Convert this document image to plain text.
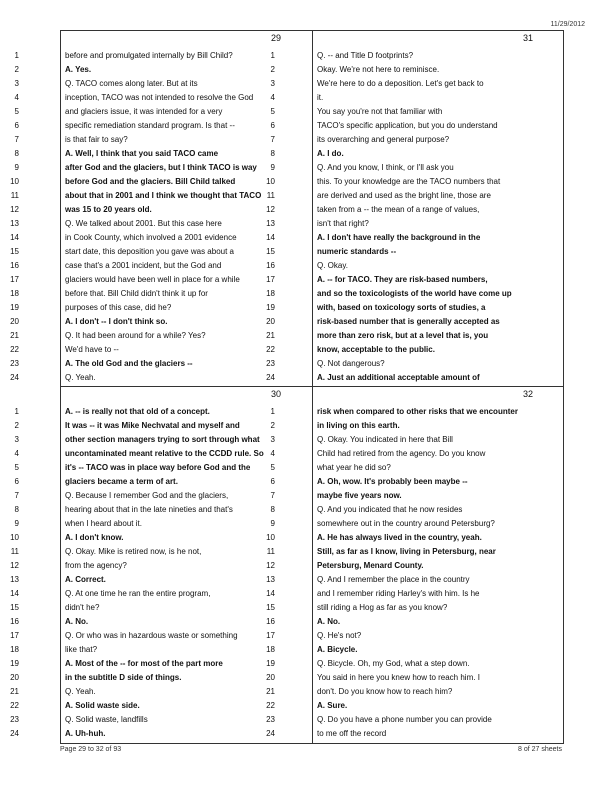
11/29/2012
29
1	before and promulgated internally by Bill Child?
2	A. Yes.
3	Q. TACO comes along later. But at its
4	inception, TACO was not intended to resolve the God
5	and glaciers issue, it was intended for a very
6	specific remediation standard program. Is that --
7	is that fair to say?
8	A. Well, I think that you said TACO came
9	after God and the glaciers, but I think TACO is way
10	before God and the glaciers. Bill Child talked
11	about that in 2001 and I think we thought that TACO
12	was 15 to 20 years old.
13	Q. We talked about 2001. But this case here
14	in Cook County, which involved a 2001 evidence
15	start date, this deposition you gave was about a
16	case that's a 2001 incident, but the God and
17	glaciers would have been well in place for a while
18	before that. Bill Child didn't think it up for
19	purposes of this case, did he?
20	A. I don't -- I don't think so.
21	Q. It had been around for a while? Yes?
22	We'd have to --
23	A. The old God and the glaciers --
24	Q. Yeah.
31
1	Q. -- and Title D footprints?
2	Okay. We're not here to reminisce.
3	We're here to do a deposition. Let's get back to
4	it.
5	You say you're not that familiar with
6	TACO's specific application, but you do understand
7	its overarching and general purpose?
8	A. I do.
9	Q. And you know, I think, or I'll ask you
10	this. To your knowledge are the TACO numbers that
11	are derived and used as the bright line, those are
12	taken from a -- the mean of a range of values,
13	isn't that right?
14	A. I don't have really the background in the
15	numeric standards --
16	Q. Okay.
17	A. -- for TACO. They are risk-based numbers,
18	and so the toxicologists of the world have come up
19	with, based on toxicology sorts of studies, a
20	risk-based number that is generally accepted as
21	more than zero risk, but at a level that is, you
22	know, acceptable to the public.
23	Q. Not dangerous?
24	A. Just an additional acceptable amount of
30
1	A. -- is really not that old of a concept.
2	It was -- it was Mike Nechvatal and myself and
3	other section managers trying to sort through what
4	uncontaminated meant relative to the CCDD rule. So
5	it's -- TACO was in place way before God and the
6	glaciers became a term of art.
7	Q. Because I remember God and the glaciers,
8	hearing about that in the late nineties and that's
9	when I heard about it.
10	A. I don't know.
11	Q. Okay. Mike is retired now, is he not,
12	from the agency?
13	A. Correct.
14	Q. At one time he ran the entire program,
15	didn't he?
16	A. No.
17	Q. Or who was in hazardous waste or something
18	like that?
19	A. Most of the -- for most of the part more
20	in the subtitle D side of things.
21	Q. Yeah.
22	A. Solid waste side.
23	Q. Solid waste, landfills
24	A. Uh-huh.
32
1	risk when compared to other risks that we encounter
2	in living on this earth.
3	Q. Okay. You indicated in here that Bill
4	Child had retired from the agency. Do you know
5	what year he did so?
6	A. Oh, wow. It's probably been maybe --
7	maybe five years now.
8	Q. And you indicated that he now resides
9	somewhere out in the country around Petersburg?
10	A. He has always lived in the country, yeah.
11	Still, as far as I know, living in Petersburg, near
12	Petersburg, Menard County.
13	Q. And I remember the place in the country
14	and I remember riding Harley's with him. Is he
15	still riding a Hog as far as you know?
16	A. No.
17	Q. He's not?
18	A. Bicycle.
19	Q. Bicycle. Oh, my God, what a step down.
20	You said in here you knew how to reach him. I
21	don't. Do you know how to reach him?
22	A. Sure.
23	Q. Do you have a phone number you can provide
24	to me off the record
Page 29 to 32 of 93	8 of 27 sheets
